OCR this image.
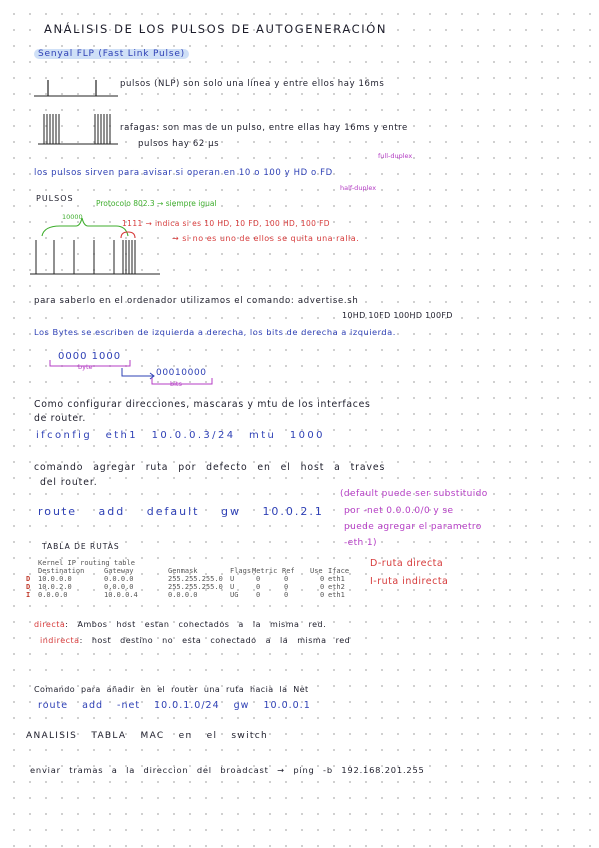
ANÁLISIS DE LOS PULSOS DE AUTOGENERACIÓN
Senyal FLP (Fast Link Pulse)
pulsos (NLP) son solo una línea y entre ellos hay 16ms
rafagas: son mas de un pulso, entre ellas hay 16ms y entre
pulsos hay 62 µs
full-duplex
los pulsos sirven para avisar si operan en 10 o 100 y HD o FD
half-duplex
PULSOS
Protocolo 802.3 → siempre igual
10000
1111 → indica si es 10 HD, 10 FD, 100 HD, 100 FD
→ si no es uno de ellos se quita una ralla.
para saberlo en el ordenador utilizamos el comando: advertise.sh
10HD 10FD 100HD 100FD
Los Bytes se escriben de izquierda a derecha, los bits de derecha a izquierda.
0000 1000
00010000
byte
bits
Como configurar direcciones, mascaras y mtu de los interfaces
de router.
ifconfig eth1 10.0.0.3/24 mtu 1000
comando agregar ruta por defecto en el host a traves
del router.
route add default gw 10.0.2.1
(default puede ser substituido
por -net 0.0.0.0/0 y se
puede agregar el parametro
-eth 1)
TABLA DE RUTAS
Kernel IP routing table
Destination	Gateway	Genmask	Flags Metric Ref Use Iface
D 10.0.0.0	0.0.0.0	255.255.255.0 U	0	0	0 eth1
D 10.0.2.0	0.0.0.0	255.255.255.0 U	0	0	0 eth2
I 0.0.0.0	10.0.0.4	0.0.0.0	UG	0	0	0 eth1
D-ruta directa
I-ruta indirecta
directa: Ambos host estan conectados a la misma red.
indirecta: host destino no esta conectado a la misma red
Comando para añadir en el router una ruta hacia la Net
route add -net 10.0.1.0/24 gw 10.0.0.1
ANALISIS TABLA MAC en el switch
enviar tramas a la direccion del broadcast → ping -b 192.168.201.255
